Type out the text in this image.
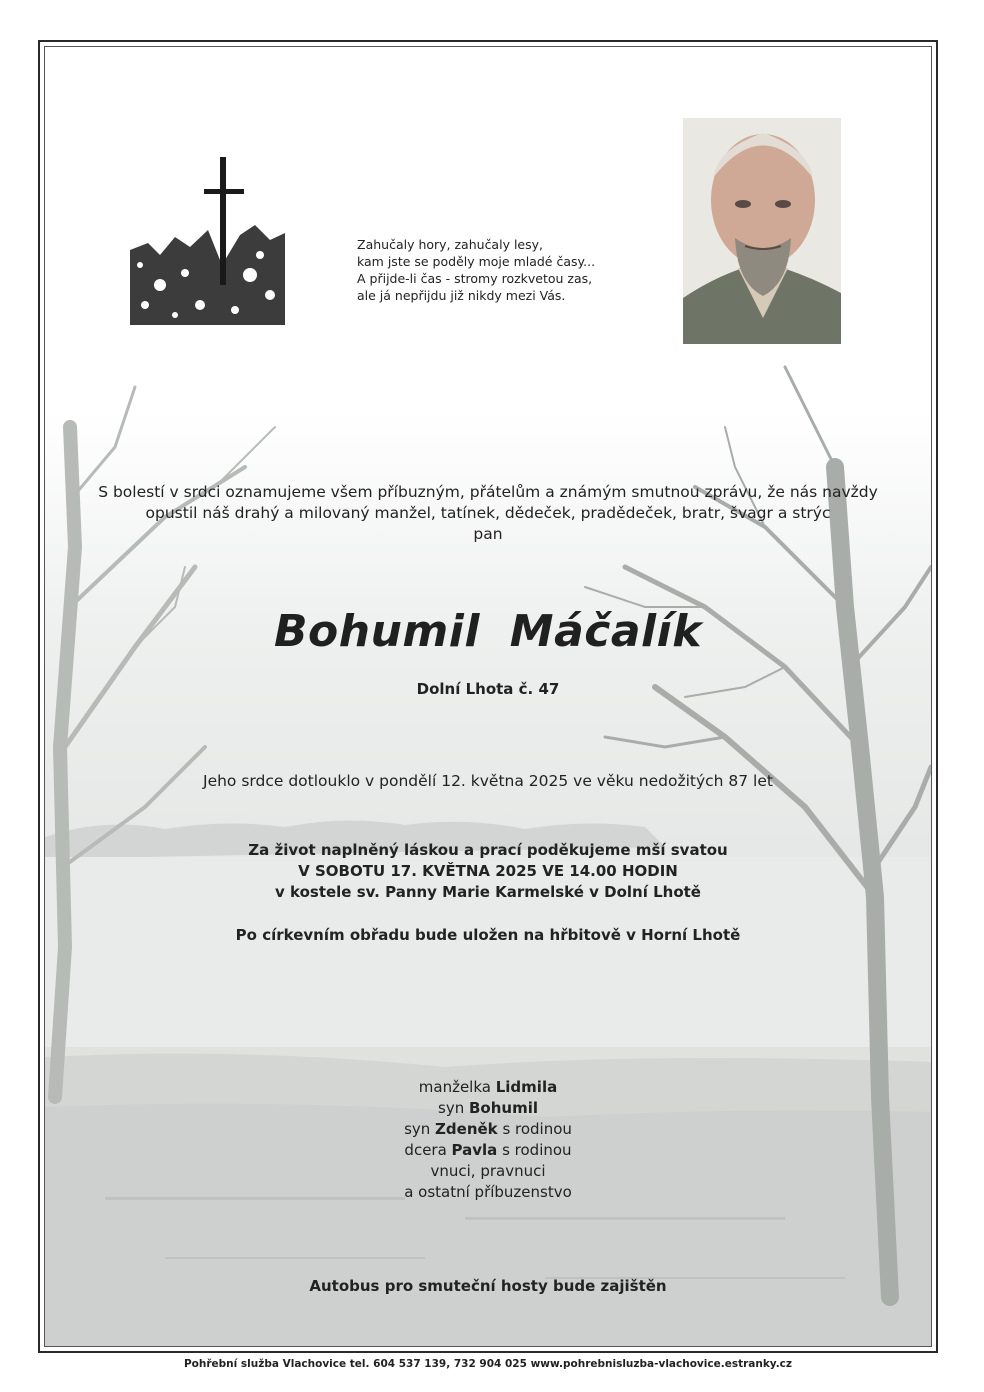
Zahučaly hory, zahučaly lesy,
kam jste se poděly moje mladé časy...
A přijde-li čas - stromy rozkvetou zas,
ale já nepřijdu již nikdy mezi Vás.
S bolestí v srdci oznamujeme všem příbuzným, přátelům a známým smutnou zprávu, že nás navždy
opustil náš drahý a milovaný manžel, tatínek, dědeček, pradědeček, bratr, švagr a strýc
pan
Bohumil Máčalík
Dolní Lhota č. 47
Jeho srdce dotlouklo v pondělí 12. května 2025 ve věku nedožitých 87 let
Za život naplněný láskou a prací poděkujeme mší svatou
V SOBOTU 17. KVĚTNA 2025 VE 14.00 HODIN
v kostele sv. Panny Marie Karmelské v Dolní Lhotě
Po církevním obřadu bude uložen na hřbitově v Horní Lhotě
manželka Lidmila
syn Bohumil
syn Zdeněk s rodinou
dcera Pavla s rodinou
vnuci, pravnuci
a ostatní příbuzenstvo
Autobus pro smuteční hosty bude zajištěn
Pohřební služba Vlachovice tel. 604 537 139, 732 904 025 www.pohrebnisluzba-vlachovice.estranky.cz
